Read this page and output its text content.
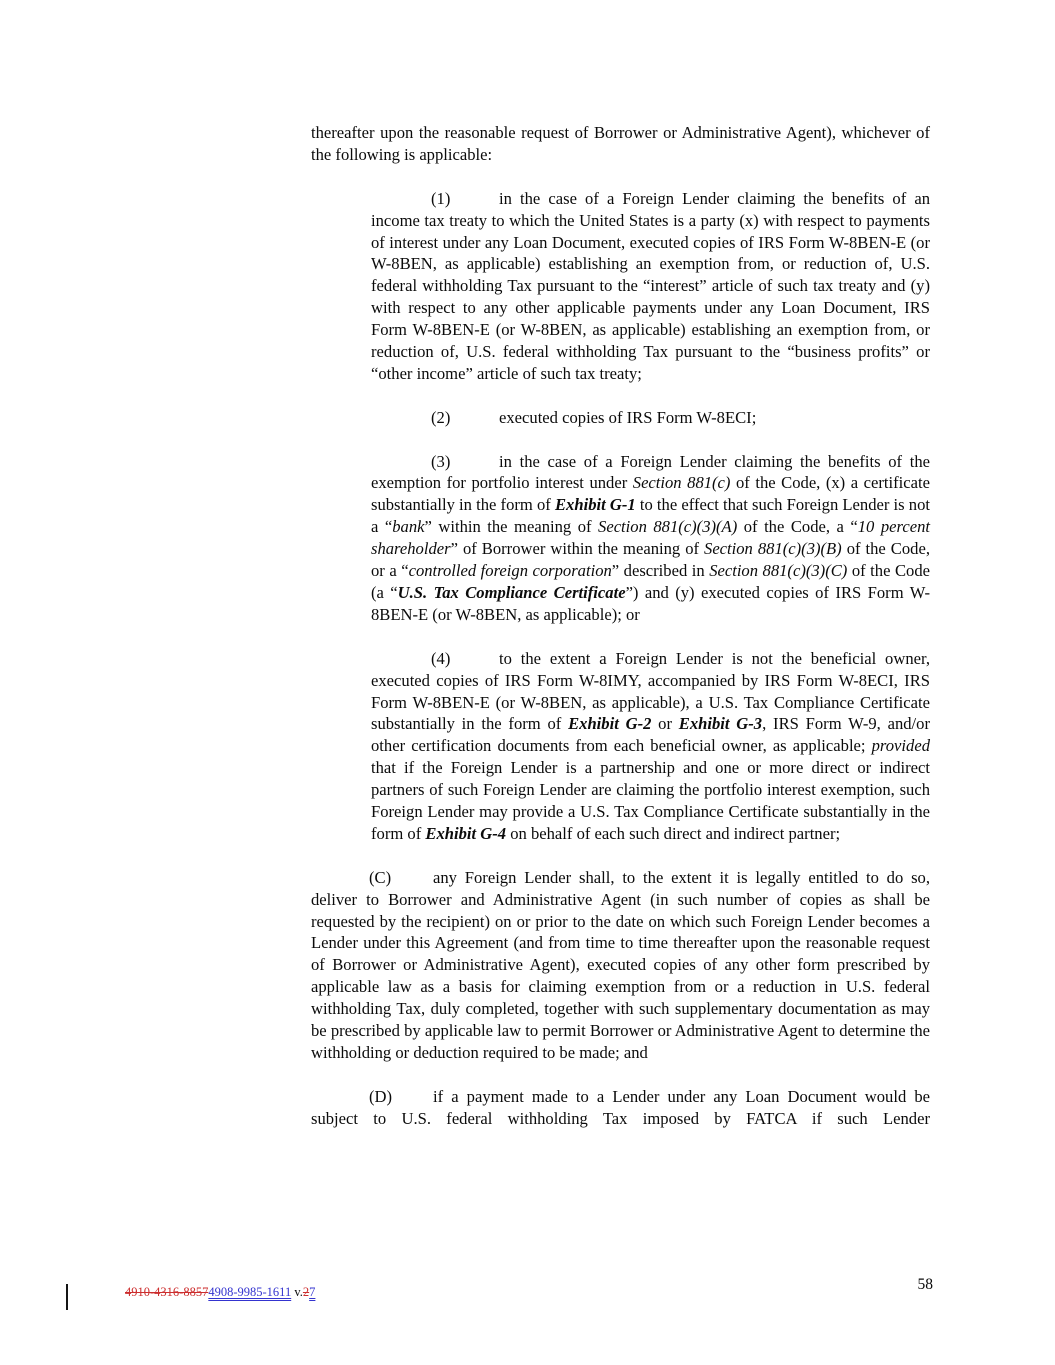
thereafter upon the reasonable request of Borrower or Administrative Agent), whichever of the following is applicable:
(1)	in the case of a Foreign Lender claiming the benefits of an income tax treaty to which the United States is a party (x) with respect to payments of interest under any Loan Document, executed copies of IRS Form W-8BEN-E (or W-8BEN, as applicable) establishing an exemption from, or reduction of, U.S. federal withholding Tax pursuant to the “interest” article of such tax treaty and (y) with respect to any other applicable payments under any Loan Document, IRS Form W-8BEN-E (or W-8BEN, as applicable) establishing an exemption from, or reduction of, U.S. federal withholding Tax pursuant to the “business profits” or “other income” article of such tax treaty;
(2)	executed copies of IRS Form W-8ECI;
(3)	in the case of a Foreign Lender claiming the benefits of the exemption for portfolio interest under Section 881(c) of the Code, (x) a certificate substantially in the form of Exhibit G-1 to the effect that such Foreign Lender is not a “bank” within the meaning of Section 881(c)(3)(A) of the Code, a “10 percent shareholder” of Borrower within the meaning of Section 881(c)(3)(B) of the Code, or a “controlled foreign corporation” described in Section 881(c)(3)(C) of the Code (a “U.S. Tax Compliance Certificate”) and (y) executed copies of IRS Form W-8BEN-E (or W-8BEN, as applicable); or
(4)	to the extent a Foreign Lender is not the beneficial owner, executed copies of IRS Form W-8IMY, accompanied by IRS Form W-8ECI, IRS Form W-8BEN-E (or W-8BEN, as applicable), a U.S. Tax Compliance Certificate substantially in the form of Exhibit G-2 or Exhibit G-3, IRS Form W-9, and/or other certification documents from each beneficial owner, as applicable; provided that if the Foreign Lender is a partnership and one or more direct or indirect partners of such Foreign Lender are claiming the portfolio interest exemption, such Foreign Lender may provide a U.S. Tax Compliance Certificate substantially in the form of Exhibit G-4 on behalf of each such direct and indirect partner;
(C)	any Foreign Lender shall, to the extent it is legally entitled to do so, deliver to Borrower and Administrative Agent (in such number of copies as shall be requested by the recipient) on or prior to the date on which such Foreign Lender becomes a Lender under this Agreement (and from time to time thereafter upon the reasonable request of Borrower or Administrative Agent), executed copies of any other form prescribed by applicable law as a basis for claiming exemption from or a reduction in U.S. federal withholding Tax, duly completed, together with such supplementary documentation as may be prescribed by applicable law to permit Borrower or Administrative Agent to determine the withholding or deduction required to be made; and
(D) if a payment made to a Lender under any Loan Document would be subject to U.S. federal withholding Tax imposed by FATCA if such Lender
4910-4316-88574908-9985-1611 v.27	58
